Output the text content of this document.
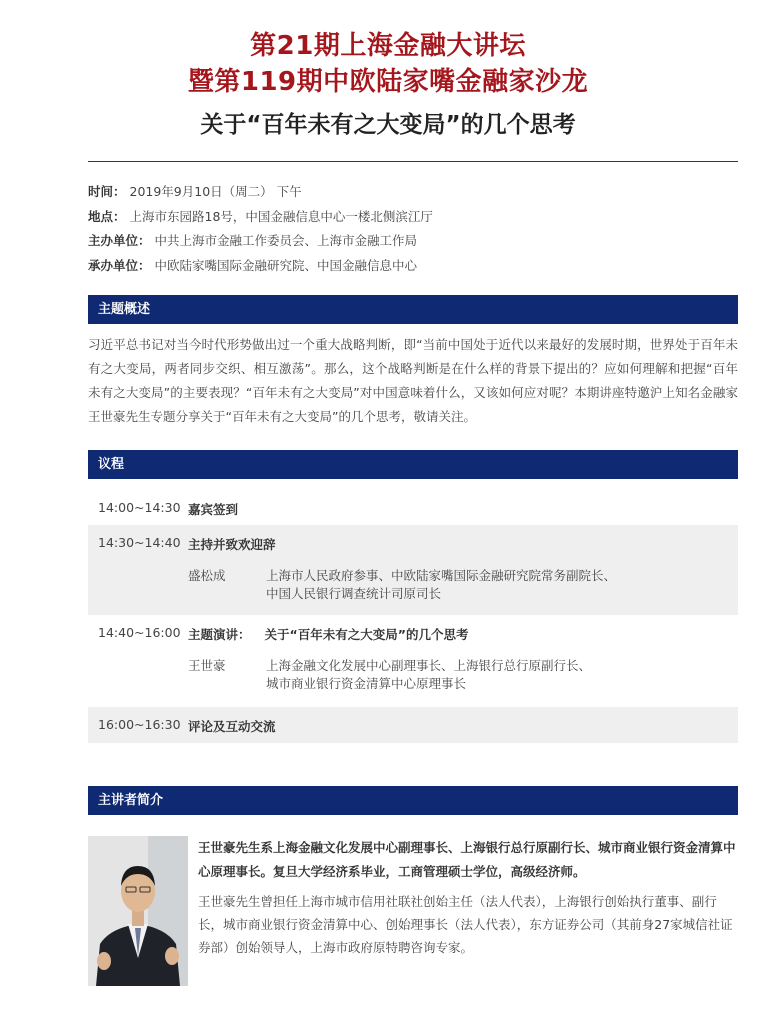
第21期上海金融大讲坛
暨第119期中欧陆家嘴金融家沙龙
关于“百年未有之大变局”的几个思考
时间： 2019年9月10日（周二） 下午
地点： 上海市东园路18号，中国金融信息中心一楼北侧滨江厅
主办单位： 中共上海市金融工作委员会、上海市金融工作局
承办单位： 中欧陆家嘴国际金融研究院、中国金融信息中心
主题概述
习近平总书记对当今时代形势做出过一个重大战略判断，即“当前中国处于近代以来最好的发展时期，世界处于百年未有之大变局，两者同步交织、相互激荡”。那么，这个战略判断是在什么样的背景下提出的？应如何理解和把握“百年未有之大变局”的主要表现？“百年未有之大变局”对中国意味着什么，又该如何应对呢？本期讲座特邀沪上知名金融家王世豪先生专题分享关于“百年未有之大变局”的几个思考，敬请关注。
议程
14:00~14:30 嘉宾签到
14:30~14:40 主持并致欢迎辞
盛松成	上海市人民政府参事、中欧陆家嘴国际金融研究院常务副院长、
中国人民银行调查统计司原司长
14:40~16:00 主题演讲： 关于“百年未有之大变局”的几个思考
王世豪	上海金融文化发展中心副理事长、上海银行总行原副行长、
城市商业银行资金清算中心原理事长
16:00~16:30 评论及互动交流
主讲者简介
王世豪先生系上海金融文化发展中心副理事长、上海银行总行原副行长、城市商业银行资金清算中心原理事长。复旦大学经济系毕业，工商管理硕士学位，高级经济师。
王世豪先生曾担任上海市城市信用社联社创始主任（法人代表），上海银行创始执行董事、副行长，城市商业银行资金清算中心、创始理事长（法人代表），东方证券公司（其前身27家城信社证券部）创始领导人，上海市政府原特聘咨询专家。
